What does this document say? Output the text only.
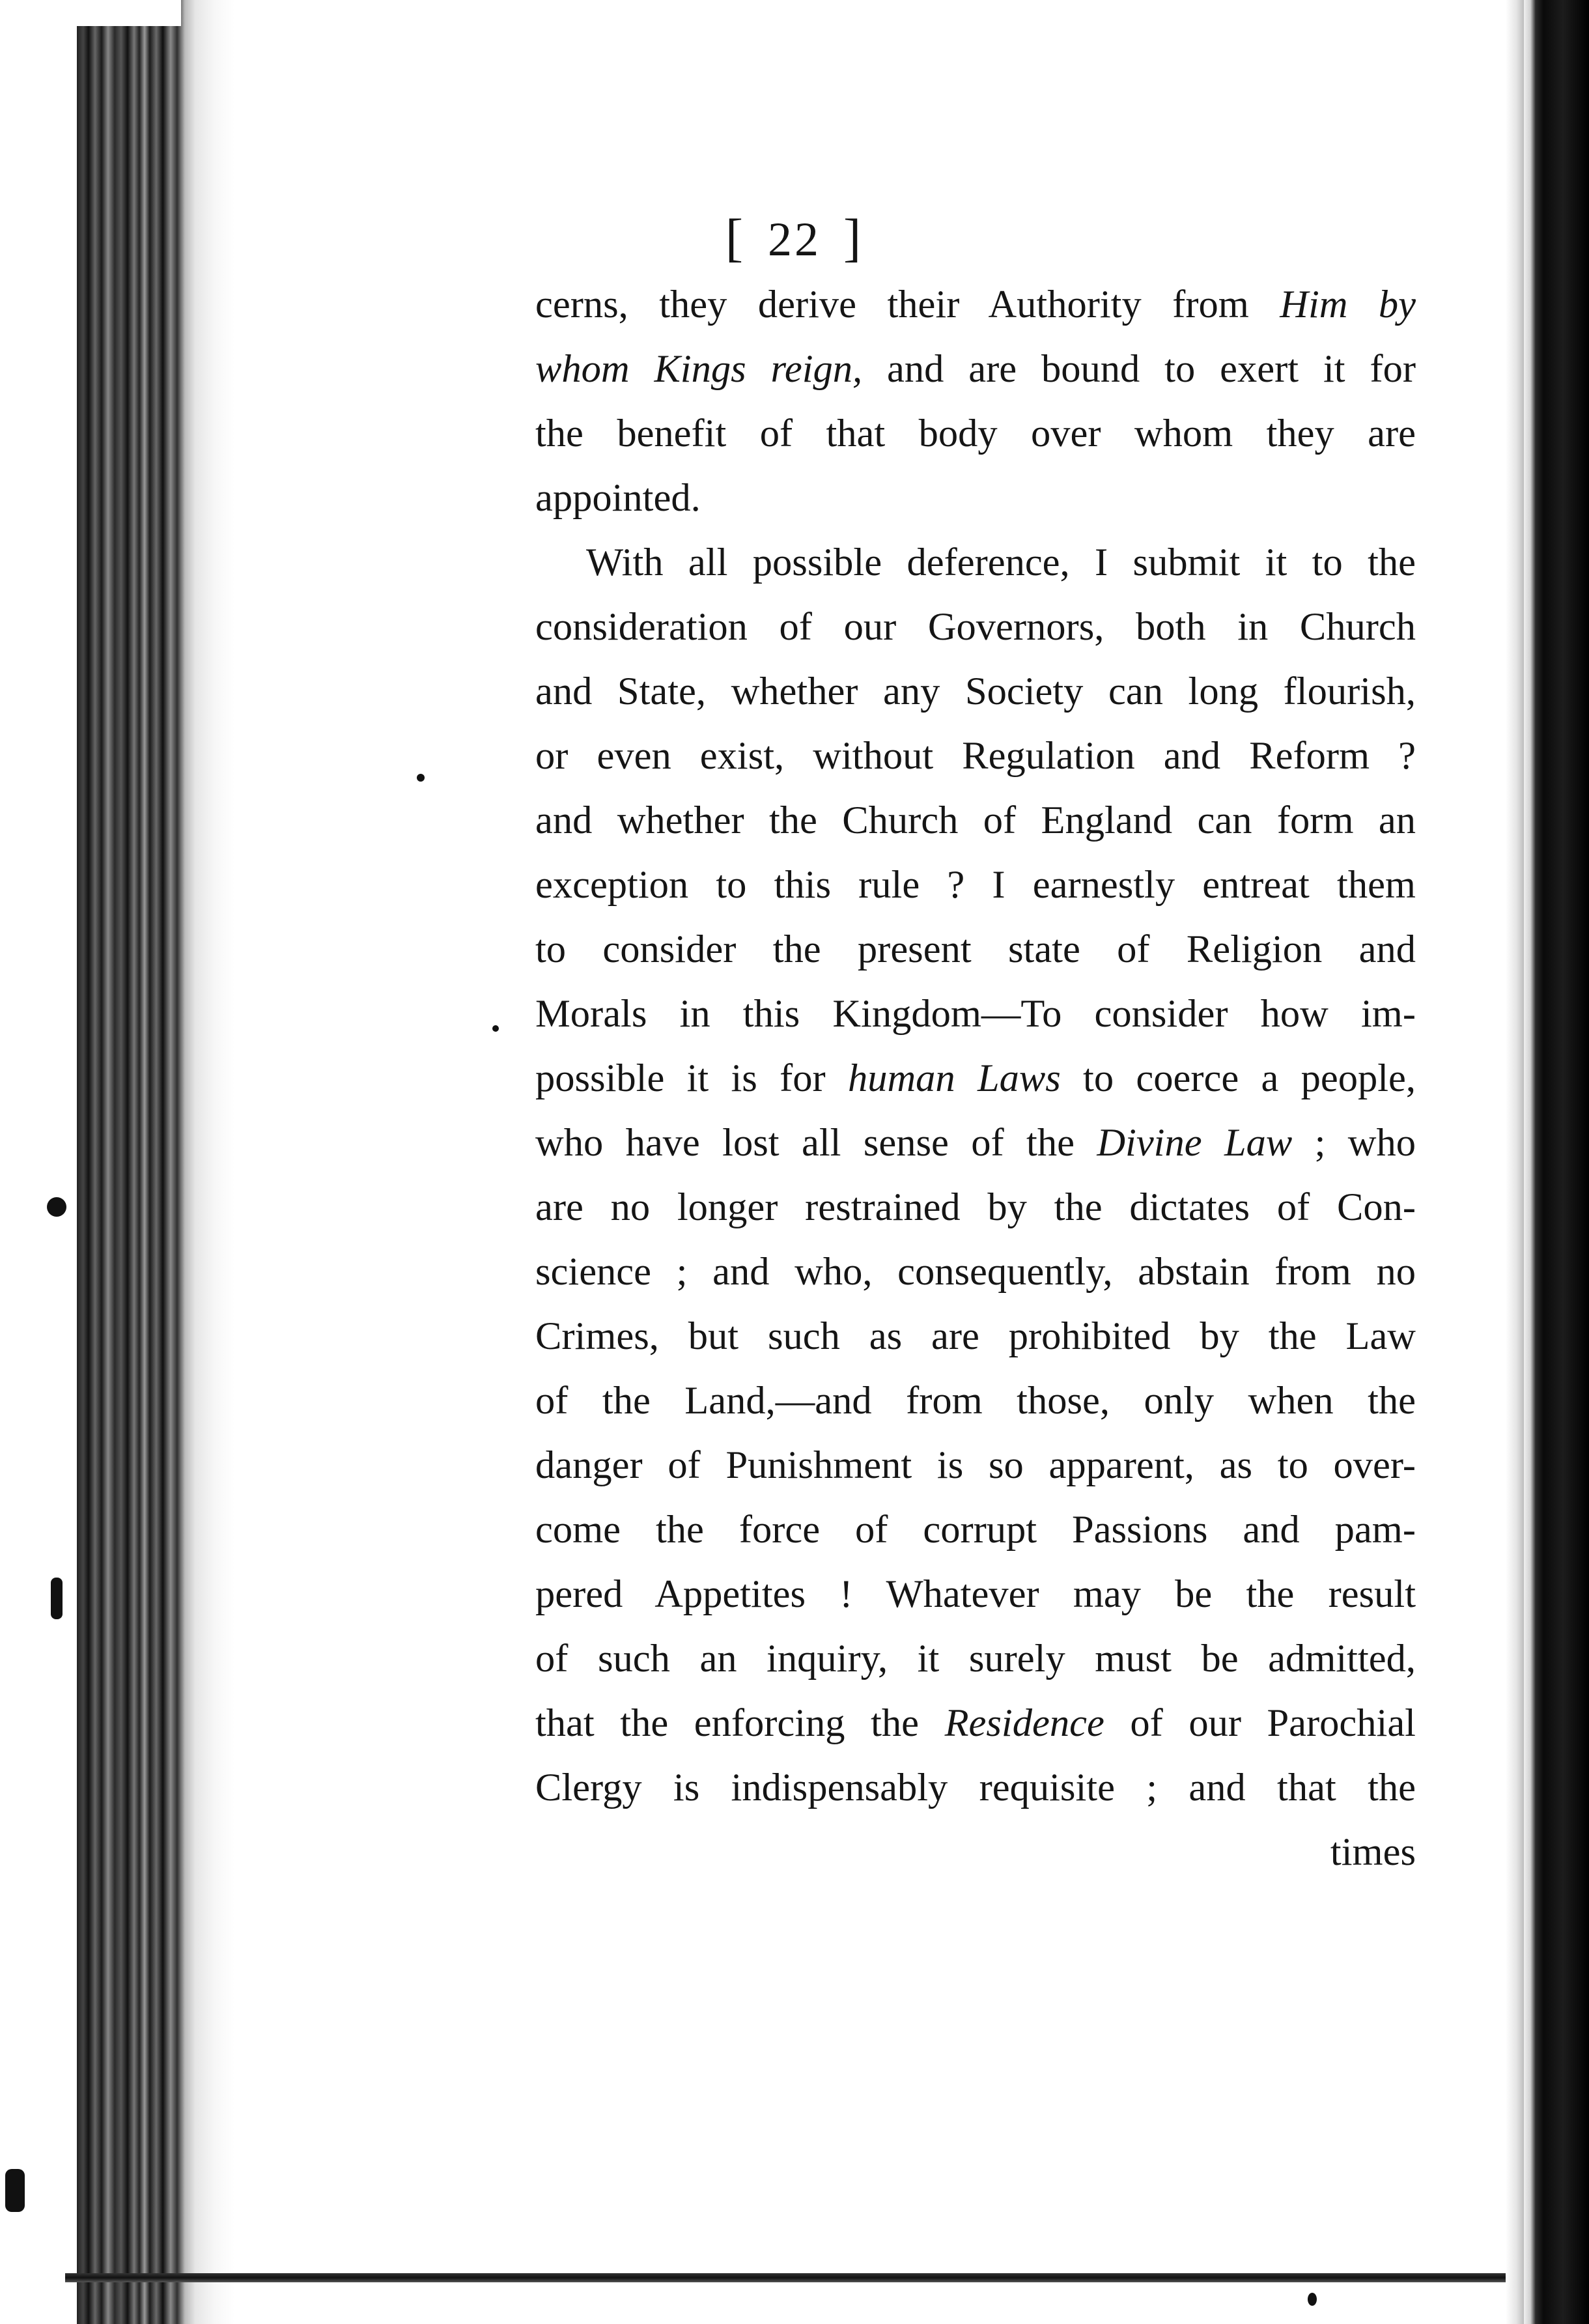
[ 22 ]
cerns, they derive their Authority from Him by
whom Kings reign, and are bound to exert it for
the benefit of that body over whom they are
appointed.
With all possible deference, I submit it to the
consideration of our Governors, both in Church
and State, whether any Society can long flourish,
or even exist, without Regulation and Reform ?
and whether the Church of England can form an
exception to this rule ? I earnestly entreat them
to consider the present state of Religion and
Morals in this Kingdom—To consider how im-
possible it is for human Laws to coerce a people,
who have lost all sense of the Divine Law ; who
are no longer restrained by the dictates of Con-
science ; and who, consequently, abstain from no
Crimes, but such as are prohibited by the Law
of the Land,—and from those, only when the
danger of Punishment is so apparent, as to over-
come the force of corrupt Passions and pam-
pered Appetites ! Whatever may be the result
of such an inquiry, it surely must be admitted,
that the enforcing the Residence of our Parochial
Clergy is indispensably requisite ; and that the
times
